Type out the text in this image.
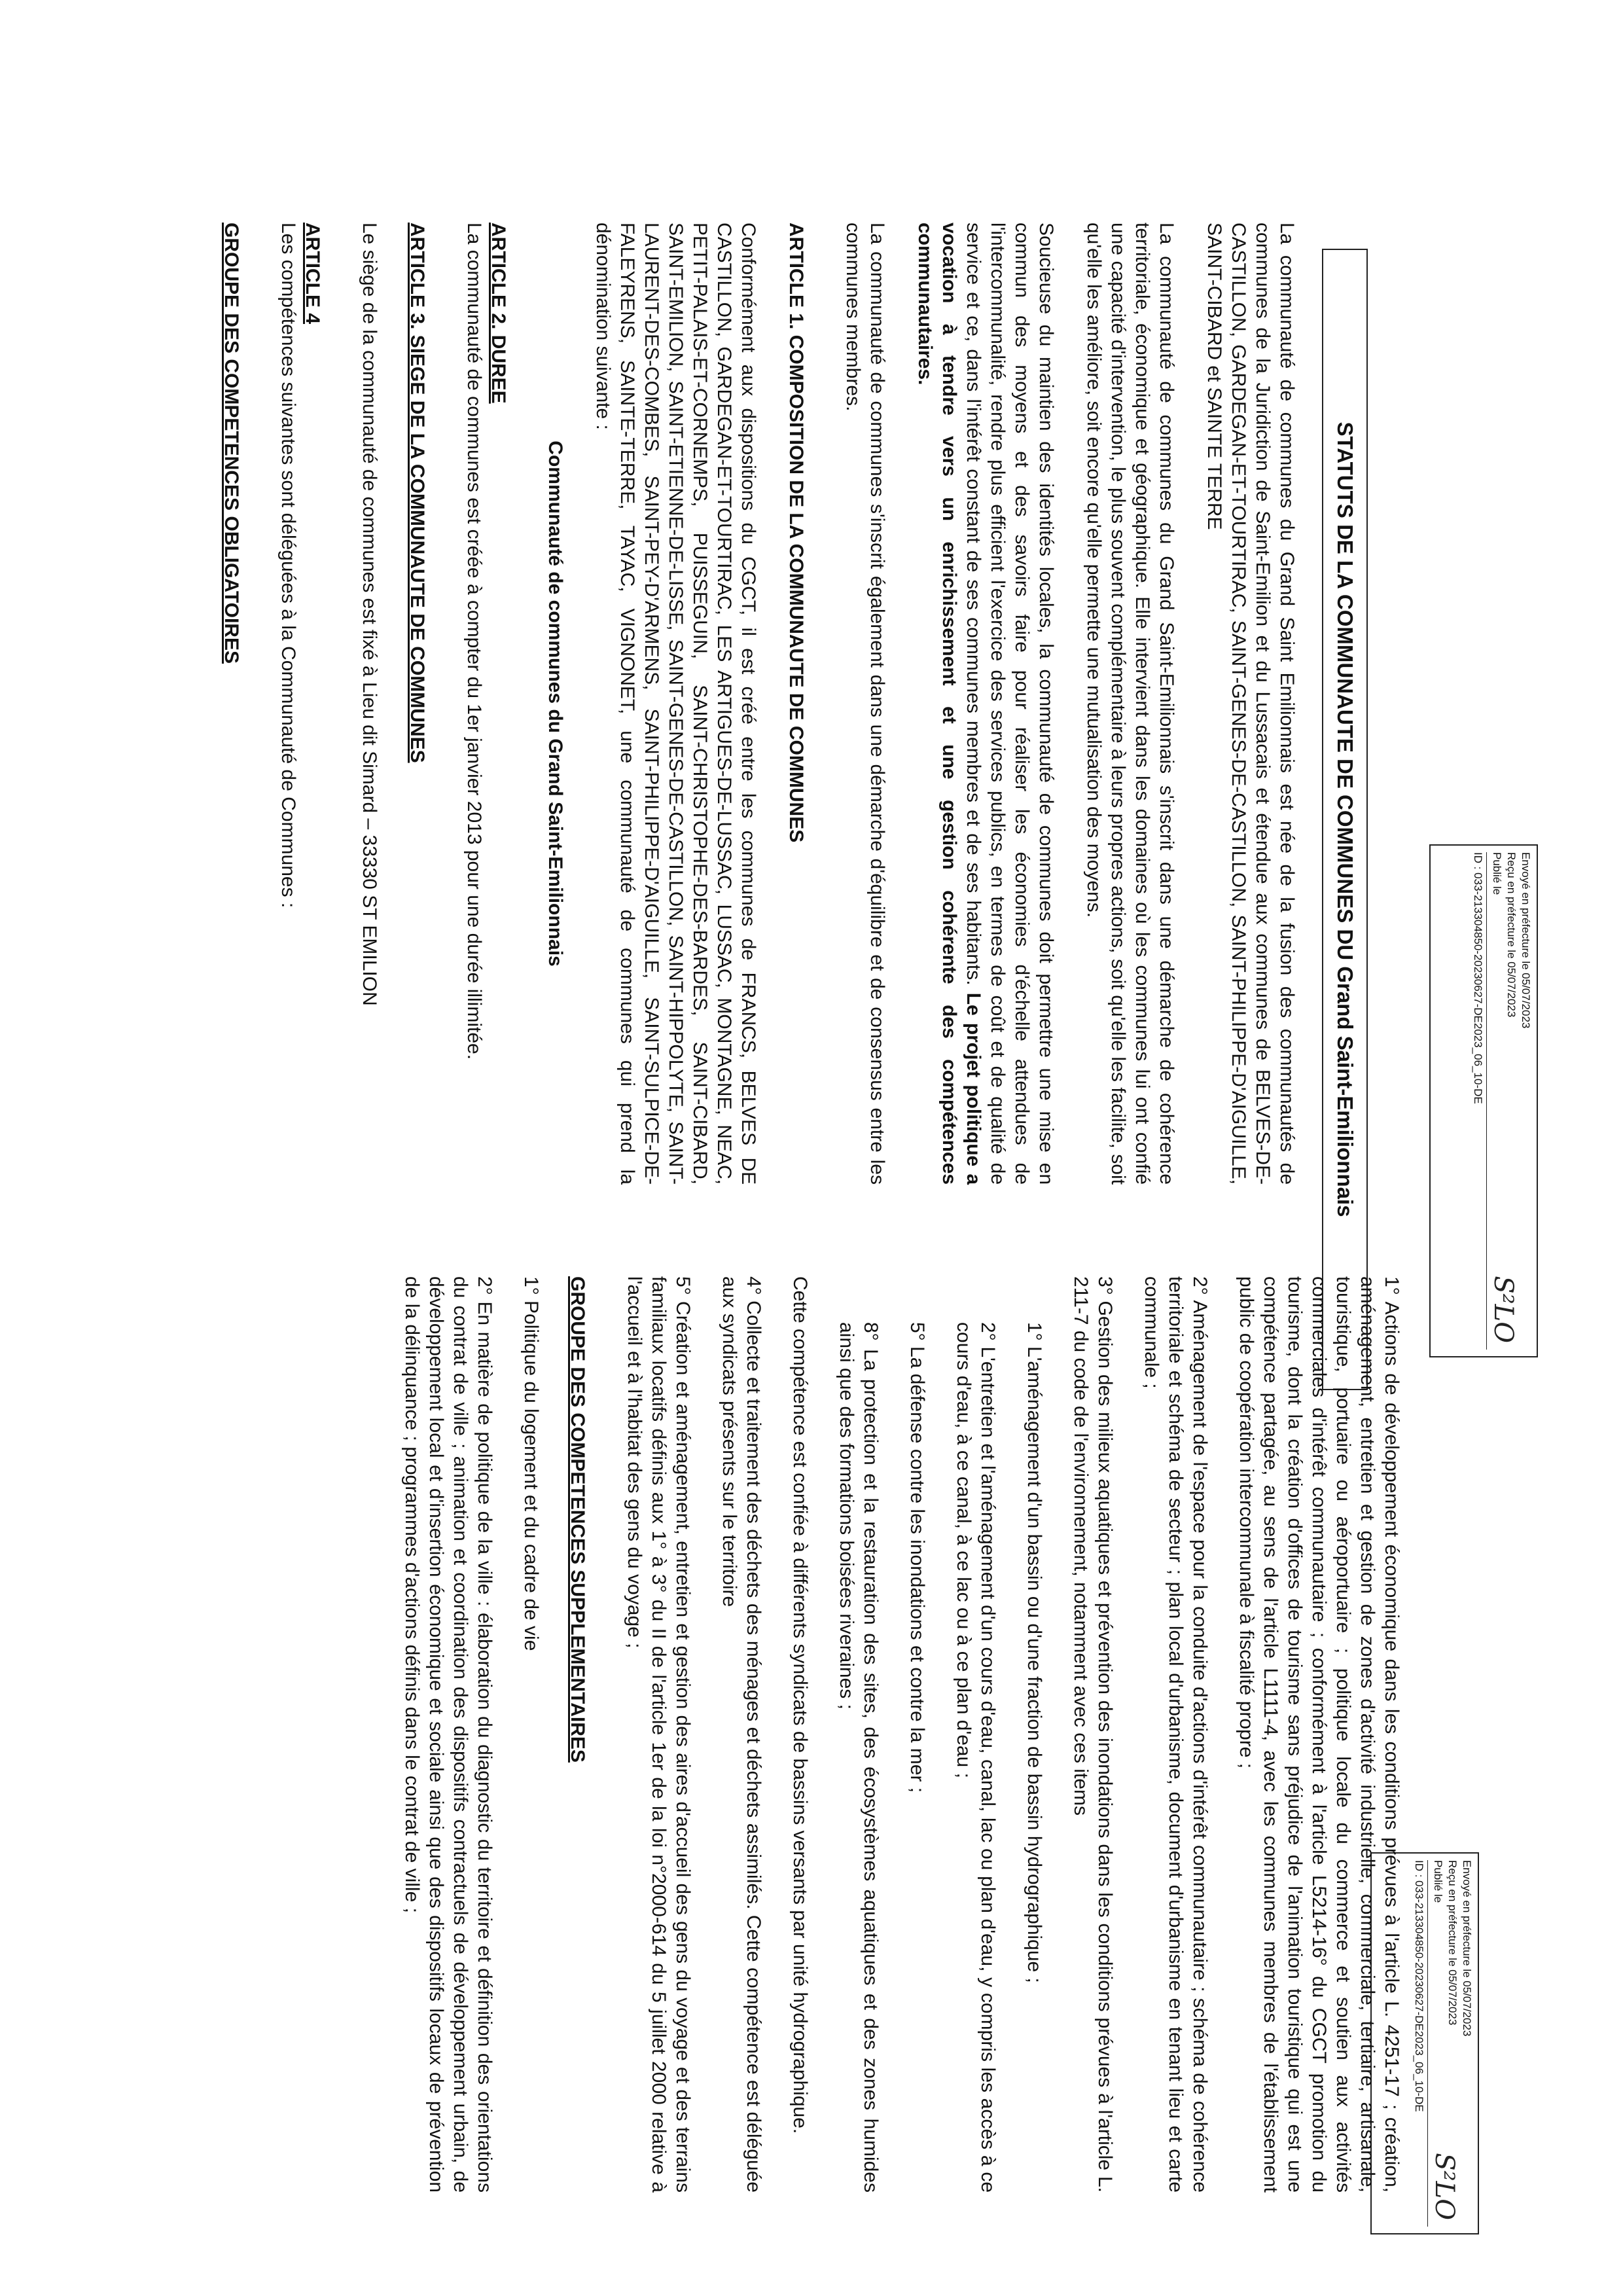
Envoyé en préfecture le 05/07/2023
Reçu en préfecture le 05/07/2023
Publié le
ID : 033-213304850-20230627-DE2023_06_10-DE
S²LO
Envoyé en préfecture le 05/07/2023
Reçu en préfecture le 05/07/2023
Publié le
ID : 033-213304850-20230627-DE2023_06_10-DE
S²LO
STATUTS DE LA COMMUNAUTE DE COMMUNES DU Grand Saint-Emilionnais

La communauté de communes du Grand Saint Emilionnais est née de la fusion des communautés de communes de la Juridiction de Saint-Emilion et du Lussacais et étendue aux communes de BELVES-DE-CASTILLON, GARDEGAN-ET-TOURTIRAC, SAINT-GENES-DE-CASTILLON, SAINT-PHILIPPE-D'AIGUILLE, SAINT-CIBARD et SAINTE TERRE

La communauté de communes du Grand Saint-Emilionnais s'inscrit dans une démarche de cohérence territoriale, économique et géographique. Elle intervient dans les domaines où les communes lui ont confié une capacité d'intervention, le plus souvent complémentaire à leurs propres actions, soit qu'elle les facilite, soit qu'elle les améliore, soit encore qu'elle permette une mutualisation des moyens.

Soucieuse du maintien des identités locales, la communauté de communes doit permettre une mise en commun des moyens et des savoirs faire pour réaliser les économies d'échelle attendues de l'intercommunalité, rendre plus efficient l'exercice des services publics, en termes de coût et de qualité de service et ce, dans l'intérêt constant de ses communes membres et de ses habitants. Le projet politique a vocation à tendre vers un enrichissement et une gestion cohérente des compétences communautaires.

La communauté de communes s'inscrit également dans une démarche d'équilibre et de consensus entre les communes membres.

ARTICLE 1. COMPOSITION DE LA COMMUNAUTE DE COMMUNES

Conformément aux dispositions du CGCT, il est créé entre les communes de FRANCS, BELVES DE CASTILLON, GARDEGAN-ET-TOURTIRAC, LES ARTIGUES-DE-LUSSAC, LUSSAC, MONTAGNE, NEAC, PETIT-PALAIS-ET-CORNEMPS, PUISSEGUIN, SAINT-CHRISTOPHE-DES-BARDES, SAINT-CIBARD, SAINT-EMILION, SAINT-ETIENNE-DE-LISSE, SAINT-GENES-DE-CASTILLON, SAINT-HIPPOLYTE, SAINT-LAURENT-DES-COMBES, SAINT-PEY-D'ARMENS, SAINT-PHILIPPE-D'AIGUILLE, SAINT-SULPICE-DE-FALEYRENS, SAINTE-TERRE, TAYAC, VIGNONET, une communauté de communes qui prend la dénomination suivante :

Communauté de communes du Grand Saint-Emilionnais

ARTICLE 2. DUREE

La communauté de communes est créée à compter du 1er janvier 2013 pour une durée illimitée.

ARTICLE 3. SIEGE DE LA COMMUNAUTE DE COMMUNES

Le siège de la communauté de communes est fixé à Lieu dit Simard – 33330 ST EMILION

ARTICLE 4

Les compétences suivantes sont déléguées à la Communauté de Communes :

GROUPE DES COMPETENCES OBLIGATOIRES

1° Actions de développement économique dans les conditions prévues à l'article L. 4251-17 ; création, aménagement, entretien et gestion de zones d'activité industrielle, commerciale, tertiaire, artisanale, touristique, portuaire ou aéroportuaire ; politique locale du commerce et soutien aux activités commerciales d'intérêt communautaire ; conformément à l'article L5214-16° du CGCT promotion du tourisme, dont la création d'offices de tourisme sans préjudice de l'animation touristique qui est une compétence partagée, au sens de l'article L1111-4, avec les communes membres de l'établissement public de coopération intercommunale à fiscalité propre ;

2° Aménagement de l'espace pour la conduite d'actions d'intérêt communautaire ; schéma de cohérence territoriale et schéma de secteur ; plan local d'urbanisme, document d'urbanisme en tenant lieu et carte communale ;

3° Gestion des milieux aquatiques et prévention des inondations dans les conditions prévues à l'article L. 211-7 du code de l'environnement, notamment avec ces items

1° L'aménagement d'un bassin ou d'une fraction de bassin hydrographique ;

2° L'entretien et l'aménagement d'un cours d'eau, canal, lac ou plan d'eau, y compris les accès à ce cours d'eau, à ce canal, à ce lac ou à ce plan d'eau ;

5° La défense contre les inondations et contre la mer ;

8° La protection et la restauration des sites, des écosystèmes aquatiques et des zones humides ainsi que des formations boisées riveraines ;

Cette compétence est confiée à différents syndicats de bassins versants par unité hydrographique.

4° Collecte et traitement des déchets des ménages et déchets assimilés. Cette compétence est déléguée aux syndicats présents sur le territoire

5° Création et aménagement, entretien et gestion des aires d'accueil des gens du voyage et des terrains familiaux locatifs définis aux 1° à 3° du II de l'article 1er de la loi n°2000-614 du 5 juillet 2000 relative à l'accueil et à l'habitat des gens du voyage ;

GROUPE DES COMPETENCES SUPPLEMENTAIRES

1° Politique du logement et du cadre de vie

2° En matière de politique de la ville : élaboration du diagnostic du territoire et définition des orientations du contrat de ville ; animation et coordination des dispositifs contractuels de développement urbain, de développement local et d'insertion économique et sociale ainsi que des dispositifs locaux de prévention de la délinquance ; programmes d'actions définis dans le contrat de ville ;
